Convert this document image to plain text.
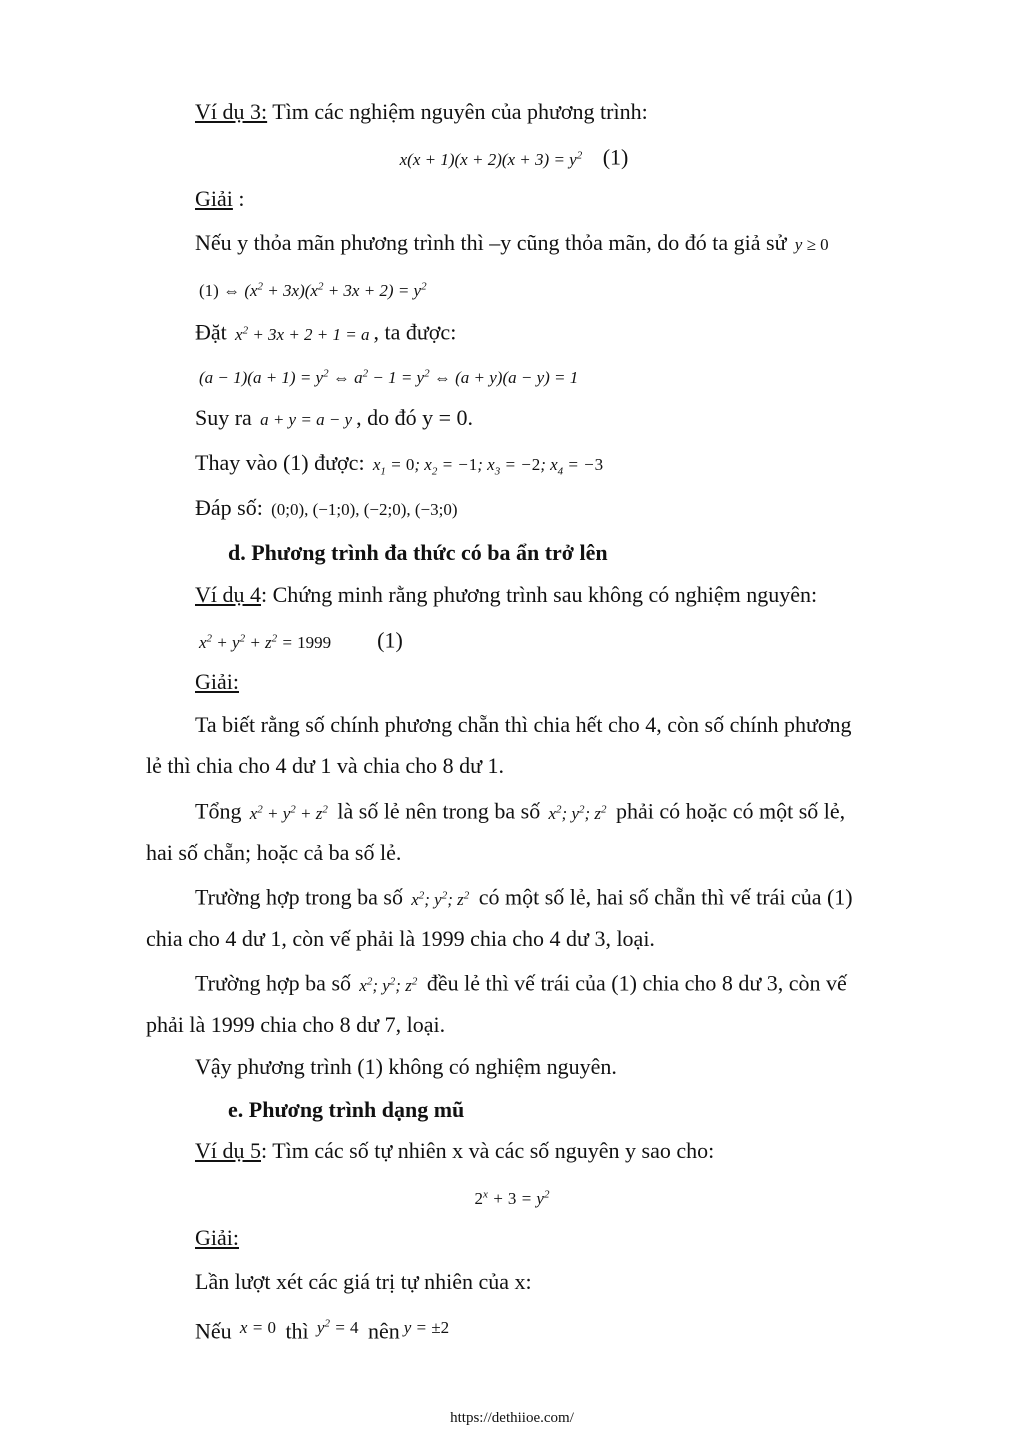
Ví dụ 3: Tìm các nghiệm nguyên của phương trình:
$x(x + 1)(x + 2)(x + 3) = y^2$ (1)
Giải :
Nếu y thỏa mãn phương trình thì –y cũng thỏa mãn, do đó ta giả sử y ≥ 0
(1) ⇔ $(x^2 + 3x)(x^2 + 3x + 2) = y^2$
Đặt $x^2 + 3x + 2 + 1 = a$ , ta được:
$(a - 1)(a + 1) = y^2$ ⇔ $a^2 - 1 = y^2$ ⇔ (a + y)(a − y) = 1
Suy ra a + y = a − y , do đó y = 0.
Thay vào (1) được: $x_1 = 0$; $x_2 = -1$; $x_3 = -2$; $x_4 = -3$
Đáp số: (0;0), (−1;0), (−2;0), (−3;0)
d. Phương trình đa thức có ba ẩn trở lên
Ví dụ 4: Chứng minh rằng phương trình sau không có nghiệm nguyên:
$x^2 + y^2 + z^2 = 1999$ (1)
Giải:
Ta biết rằng số chính phương chẵn thì chia hết cho 4, còn số chính phương
lẻ thì chia cho 4 dư 1 và chia cho 8 dư 1.
Tổng $x^2 + y^2 + z^2$ là số lẻ nên trong ba số $x^2$; $y^2$; $z^2$ phải có hoặc có một số lẻ,
hai số chẵn; hoặc cả ba số lẻ.
Trường hợp trong ba số $x^2$; $y^2$; $z^2$ có một số lẻ, hai số chẵn thì vế trái của (1)
chia cho 4 dư 1, còn vế phải là 1999 chia cho 4 dư 3, loại.
Trường hợp ba số $x^2$; $y^2$; $z^2$ đều lẻ thì vế trái của (1) chia cho 8 dư 3, còn vế
phải là 1999 chia cho 8 dư 7, loại.
Vậy phương trình (1) không có nghiệm nguyên.
e. Phương trình dạng mũ
Ví dụ 5: Tìm các số tự nhiên x và các số nguyên y sao cho:
$2^x + 3 = y^2$
Giải:
Lần lượt xét các giá trị tự nhiên của x:
Nếu $^{x = 0}$ thì $^{y^2 = 4}$ nên $^{y = \pm 2}$
https://dethiioe.com/
